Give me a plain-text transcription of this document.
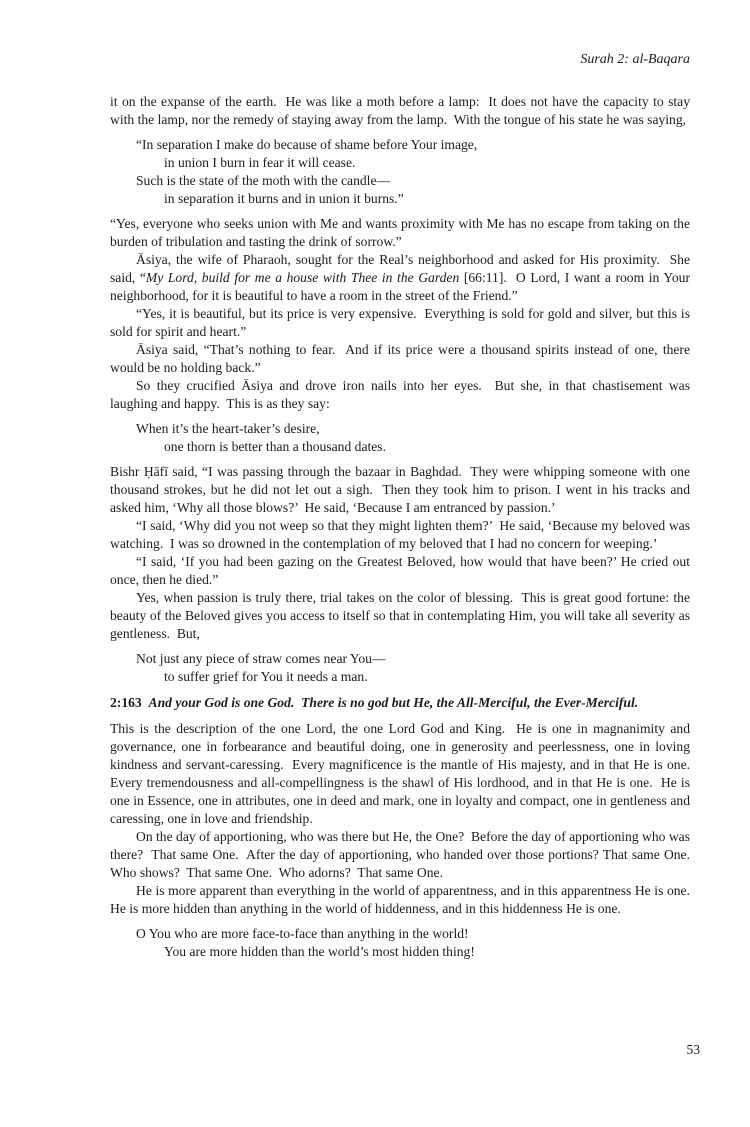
Surah 2: al-Baqara

it on the expanse of the earth.  He was like a moth before a lamp:  It does not have the capacity to stay with the lamp, nor the remedy of staying away from the lamp.  With the tongue of his state he was saying,

“In separation I make do because of shame before Your image,
in union I burn in fear it will cease.
Such is the state of the moth with the candle—
in separation it burns and in union it burns.”

“Yes, everyone who seeks union with Me and wants proximity with Me has no escape from taking on the burden of tribulation and tasting the drink of sorrow.”

Āsiya, the wife of Pharaoh, sought for the Real’s neighborhood and asked for His proximity.  She said, “My Lord, build for me a house with Thee in the Garden [66:11].  O Lord, I want a room in Your neighborhood, for it is beautiful to have a room in the street of the Friend.”

“Yes, it is beautiful, but its price is very expensive.  Everything is sold for gold and silver, but this is sold for spirit and heart.”

Āsiya said, “That’s nothing to fear.  And if its price were a thousand spirits instead of one, there would be no holding back.”

So they crucified Āsiya and drove iron nails into her eyes.  But she, in that chastisement was laughing and happy.  This is as they say:

When it’s the heart-taker’s desire,
one thorn is better than a thousand dates.

Bishr Ḥāfī said, “I was passing through the bazaar in Baghdad.  They were whipping someone with one thousand strokes, but he did not let out a sigh.  Then they took him to prison. I went in his tracks and asked him, ‘Why all those blows?’  He said, ‘Because I am entranced by passion.’

“I said, ‘Why did you not weep so that they might lighten them?’  He said, ‘Because my beloved was watching.  I was so drowned in the contemplation of my beloved that I had no concern for weeping.’

“I said, ‘If you had been gazing on the Greatest Beloved, how would that have been?’ He cried out once, then he died.”

Yes, when passion is truly there, trial takes on the color of blessing.  This is great good fortune: the beauty of the Beloved gives you access to itself so that in contemplating Him, you will take all severity as gentleness.  But,

Not just any piece of straw comes near You—
to suffer grief for You it needs a man.

2:163  And your God is one God.  There is no god but He, the All-Merciful, the Ever-Merciful.

This is the description of the one Lord, the one Lord God and King.  He is one in magnanimity and governance, one in forbearance and beautiful doing, one in generosity and peerlessness, one in loving kindness and servant-caressing.  Every magnificence is the mantle of His majesty, and in that He is one.  Every tremendousness and all-compellingness is the shawl of His lordhood, and in that He is one.  He is one in Essence, one in attributes, one in deed and mark, one in loyalty and compact, one in gentleness and caressing, one in love and friendship.

On the day of apportioning, who was there but He, the One?  Before the day of apportioning who was there?  That same One.  After the day of apportioning, who handed over those portions? That same One.  Who shows?  That same One.  Who adorns?  That same One.

He is more apparent than everything in the world of apparentness, and in this apparentness He is one.  He is more hidden than anything in the world of hiddenness, and in this hiddenness He is one.

O You who are more face-to-face than anything in the world!
You are more hidden than the world’s most hidden thing!
53
